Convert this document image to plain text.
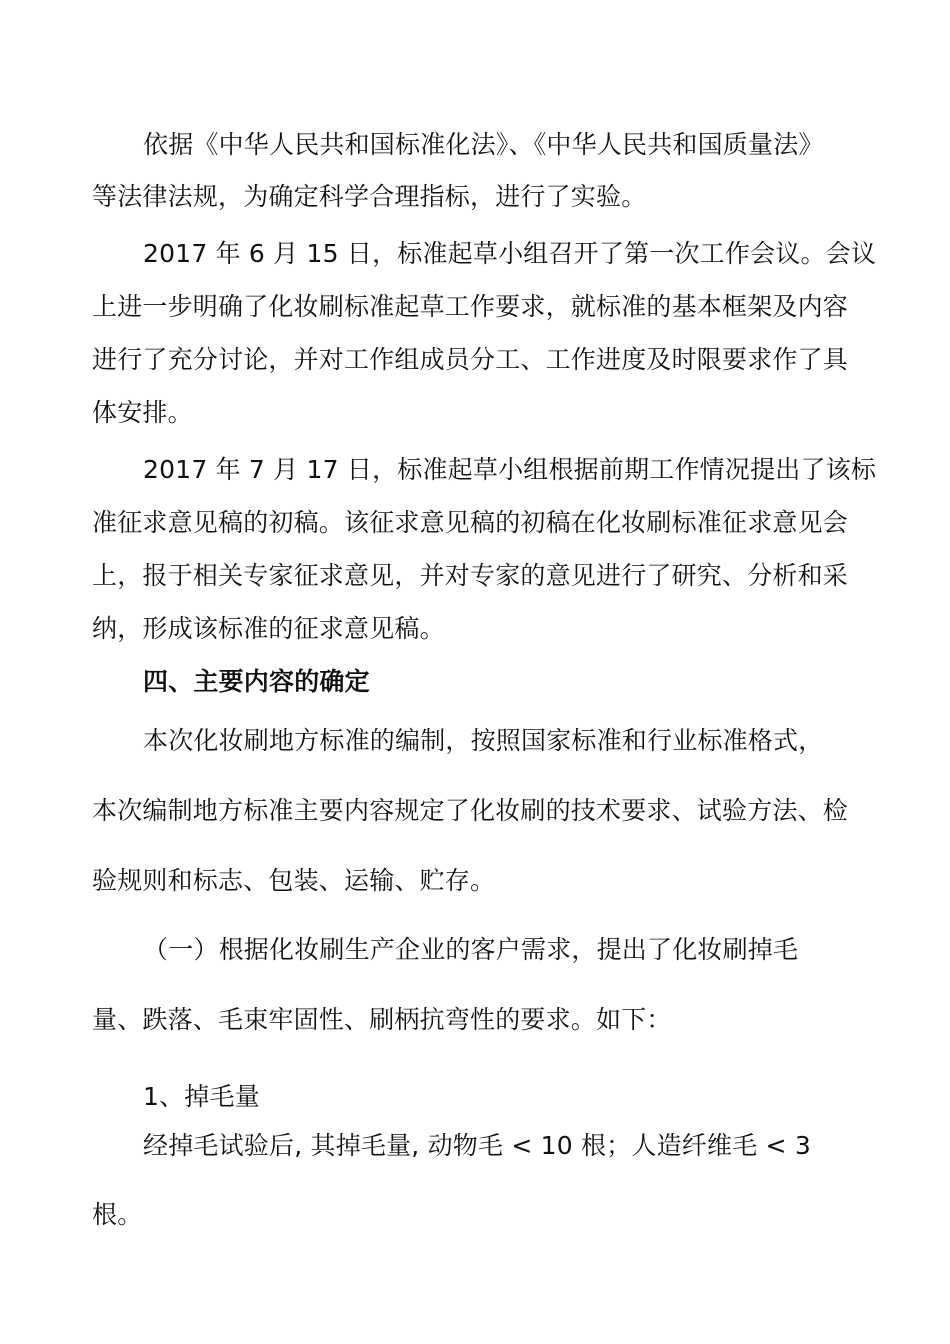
依据《中华人民共和国标准化法》、《中华人民共和国质量法》
等法律法规，为确定科学合理指标，进行了实验。
2017 年 6 月 15 日，标准起草小组召开了第一次工作会议。会议
上进一步明确了化妆刷标准起草工作要求，就标准的基本框架及内容
进行了充分讨论，并对工作组成员分工、工作进度及时限要求作了具
体安排。
2017 年 7 月 17 日，标准起草小组根据前期工作情况提出了该标
准征求意见稿的初稿。该征求意见稿的初稿在化妆刷标准征求意见会
上，报于相关专家征求意见，并对专家的意见进行了研究、分析和采
纳，形成该标准的征求意见稿。
四、主要内容的确定
本次化妆刷地方标准的编制，按照国家标准和行业标准格式，
本次编制地方标准主要内容规定了化妆刷的技术要求、试验方法、检
验规则和标志、包装、运输、贮存。
（一）根据化妆刷生产企业的客户需求，提出了化妆刷掉毛
量、跌落、毛束牢固性、刷柄抗弯性的要求。如下：
1、掉毛量
经掉毛试验后, 其掉毛量, 动物毛 < 10 根；人造纤维毛 < 3
根。
